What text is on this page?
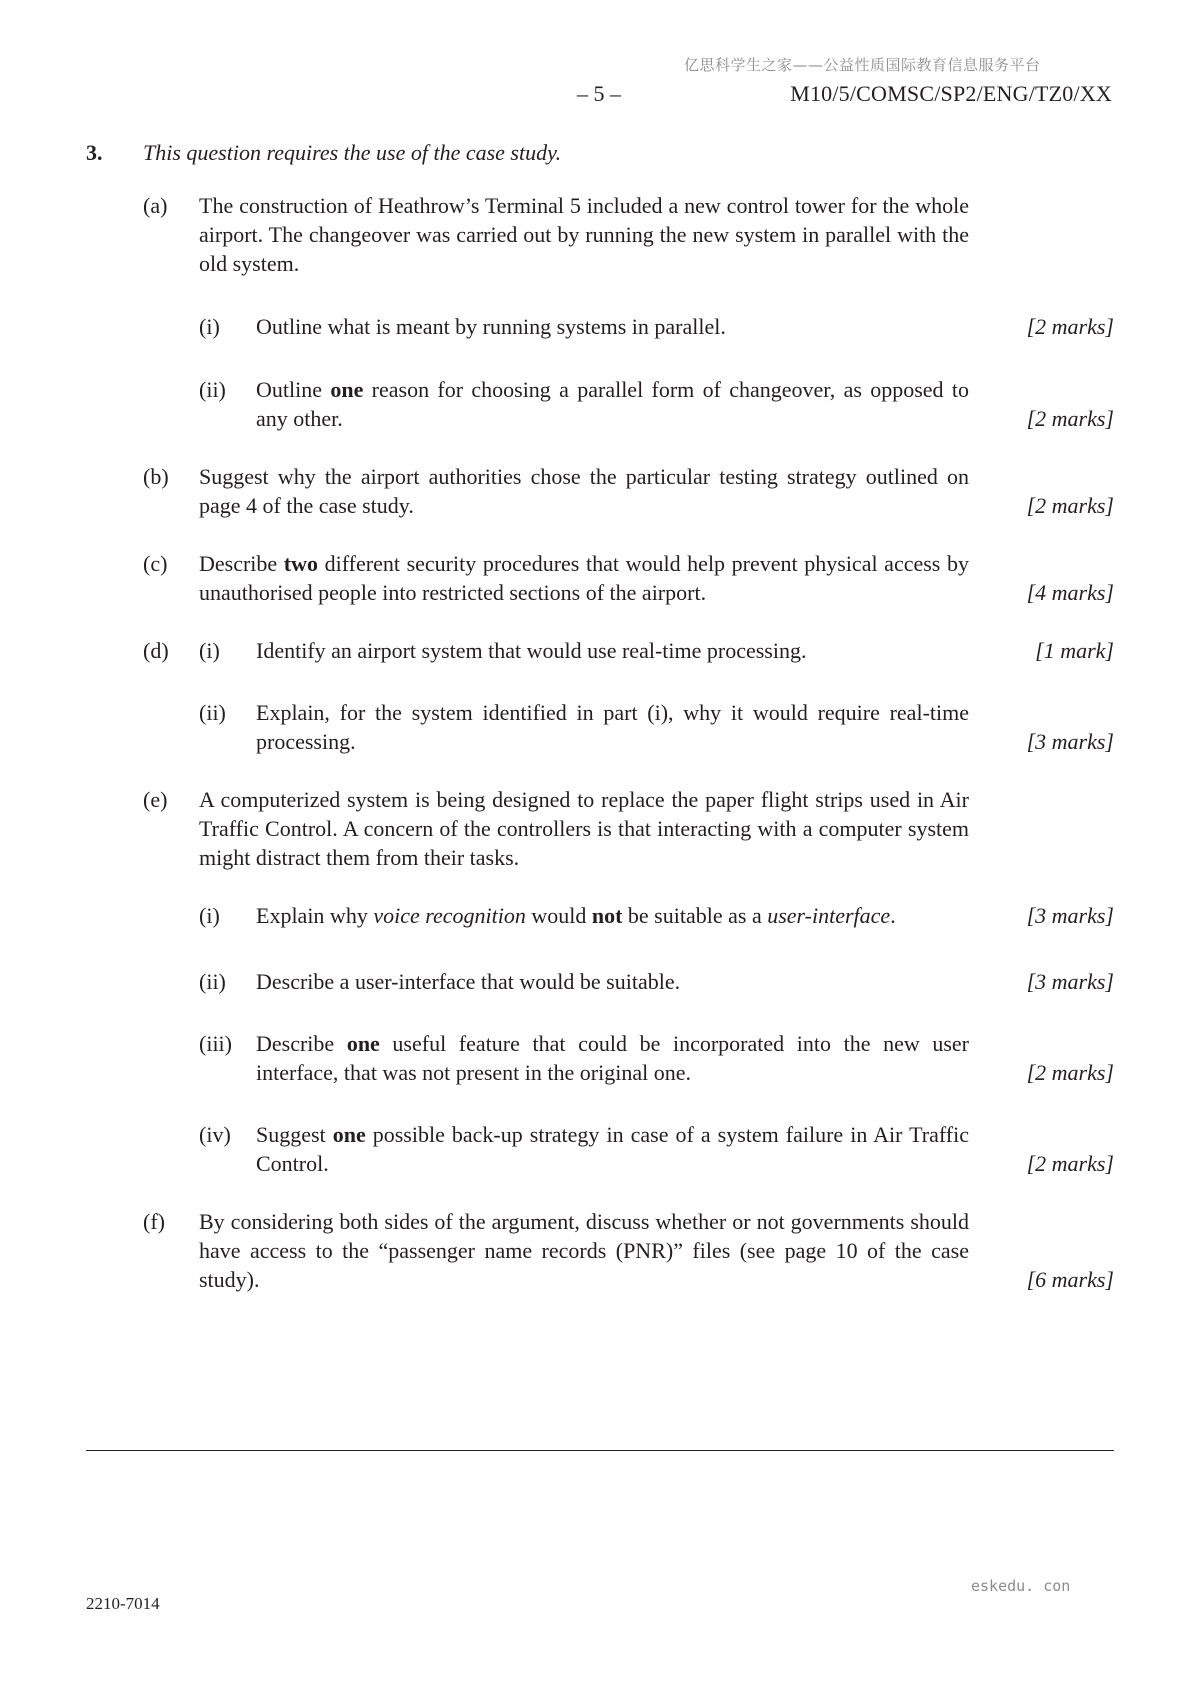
亿思科学生之家——公益性质国际教育信息服务平台
– 5 –	M10/5/COMSC/SP2/ENG/TZ0/XX
3. This question requires the use of the case study.
(a) The construction of Heathrow’s Terminal 5 included a new control tower for the whole airport. The changeover was carried out by running the new system in parallel with the old system.
(i) Outline what is meant by running systems in parallel.	[2 marks]
(ii) Outline one reason for choosing a parallel form of changeover, as opposed to any other.	[2 marks]
(b) Suggest why the airport authorities chose the particular testing strategy outlined on page 4 of the case study.	[2 marks]
(c) Describe two different security procedures that would help prevent physical access by unauthorised people into restricted sections of the airport.	[4 marks]
(d) (i) Identify an airport system that would use real-time processing.	[1 mark]
(ii) Explain, for the system identified in part (i), why it would require real-time processing.	[3 marks]
(e) A computerized system is being designed to replace the paper flight strips used in Air Traffic Control. A concern of the controllers is that interacting with a computer system might distract them from their tasks.
(i) Explain why voice recognition would not be suitable as a user-interface.	[3 marks]
(ii) Describe a user-interface that would be suitable.	[3 marks]
(iii) Describe one useful feature that could be incorporated into the new user interface, that was not present in the original one.	[2 marks]
(iv) Suggest one possible back-up strategy in case of a system failure in Air Traffic Control.	[2 marks]
(f) By considering both sides of the argument, discuss whether or not governments should have access to the “passenger name records (PNR)” files (see page 10 of the case study).	[6 marks]
2210-7014
eskedu. con
